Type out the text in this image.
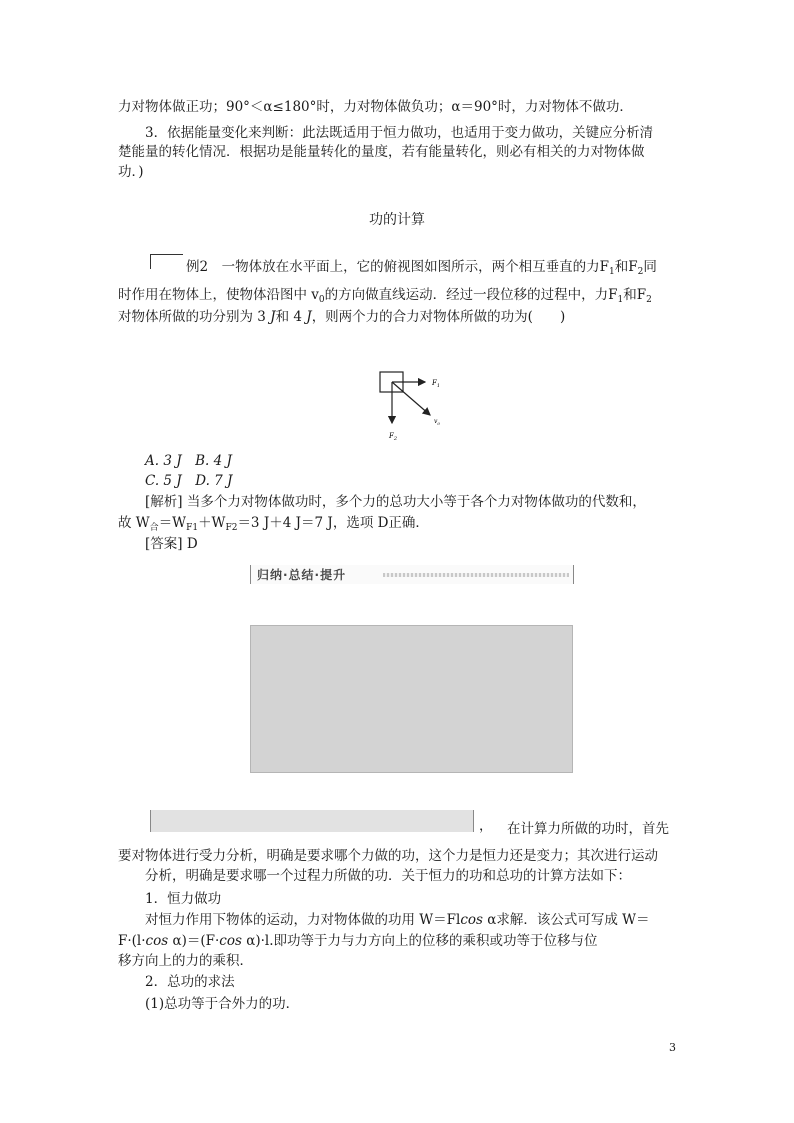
力对物体做正功；90°＜α≤180°时，力对物体做负功；α＝90°时，力对物体不做功．
3．依据能量变化来判断：此法既适用于恒力做功，也适用于变力做功，关键应分析清
楚能量的转化情况．根据功是能量转化的量度，若有能量转化，则必有相关的力对物体做
功．)
功的计算
例2　一物体放在水平面上，它的俯视图如图所示，两个相互垂直的力$F_1$和$F_2$同
时作用在物体上，使物体沿图中 $v_0$的方向做直线运动．经过一段位移的过程中，力$F_1$和$F_2$
对物体所做的功分别为 3 J和 4 J，则两个力的合力对物体所做的功为(　　)
$F_1$
$F_2$
$v_0$
A. 3 J　B. 4 J
C. 5 J　D. 7 J
[解析] 当多个力对物体做功时，多个力的总功大小等于各个力对物体做功的代数和，
故 $W_合=W_{F1}+W_{F2}=3$ J＋4 J＝7 J，选项 D正确．
[答案] D
归纳·总结·提升
， 在计算力所做的功时，首先
要对物体进行受力分析，明确是要求哪个力做的功，这个力是恒力还是变力；其次进行运动
分析，明确是要求哪一个过程力所做的功．关于恒力的功和总功的计算方法如下：
1．恒力做功
对恒力作用下物体的运动，力对物体做的功用 W＝Flcos α求解．该公式可写成 W＝
F·(l·cos α)＝(F·cos α)·l.即功等于力与力方向上的位移的乘积或功等于位移与位
移方向上的力的乘积．
2．总功的求法
(1)总功等于合外力的功．
3
